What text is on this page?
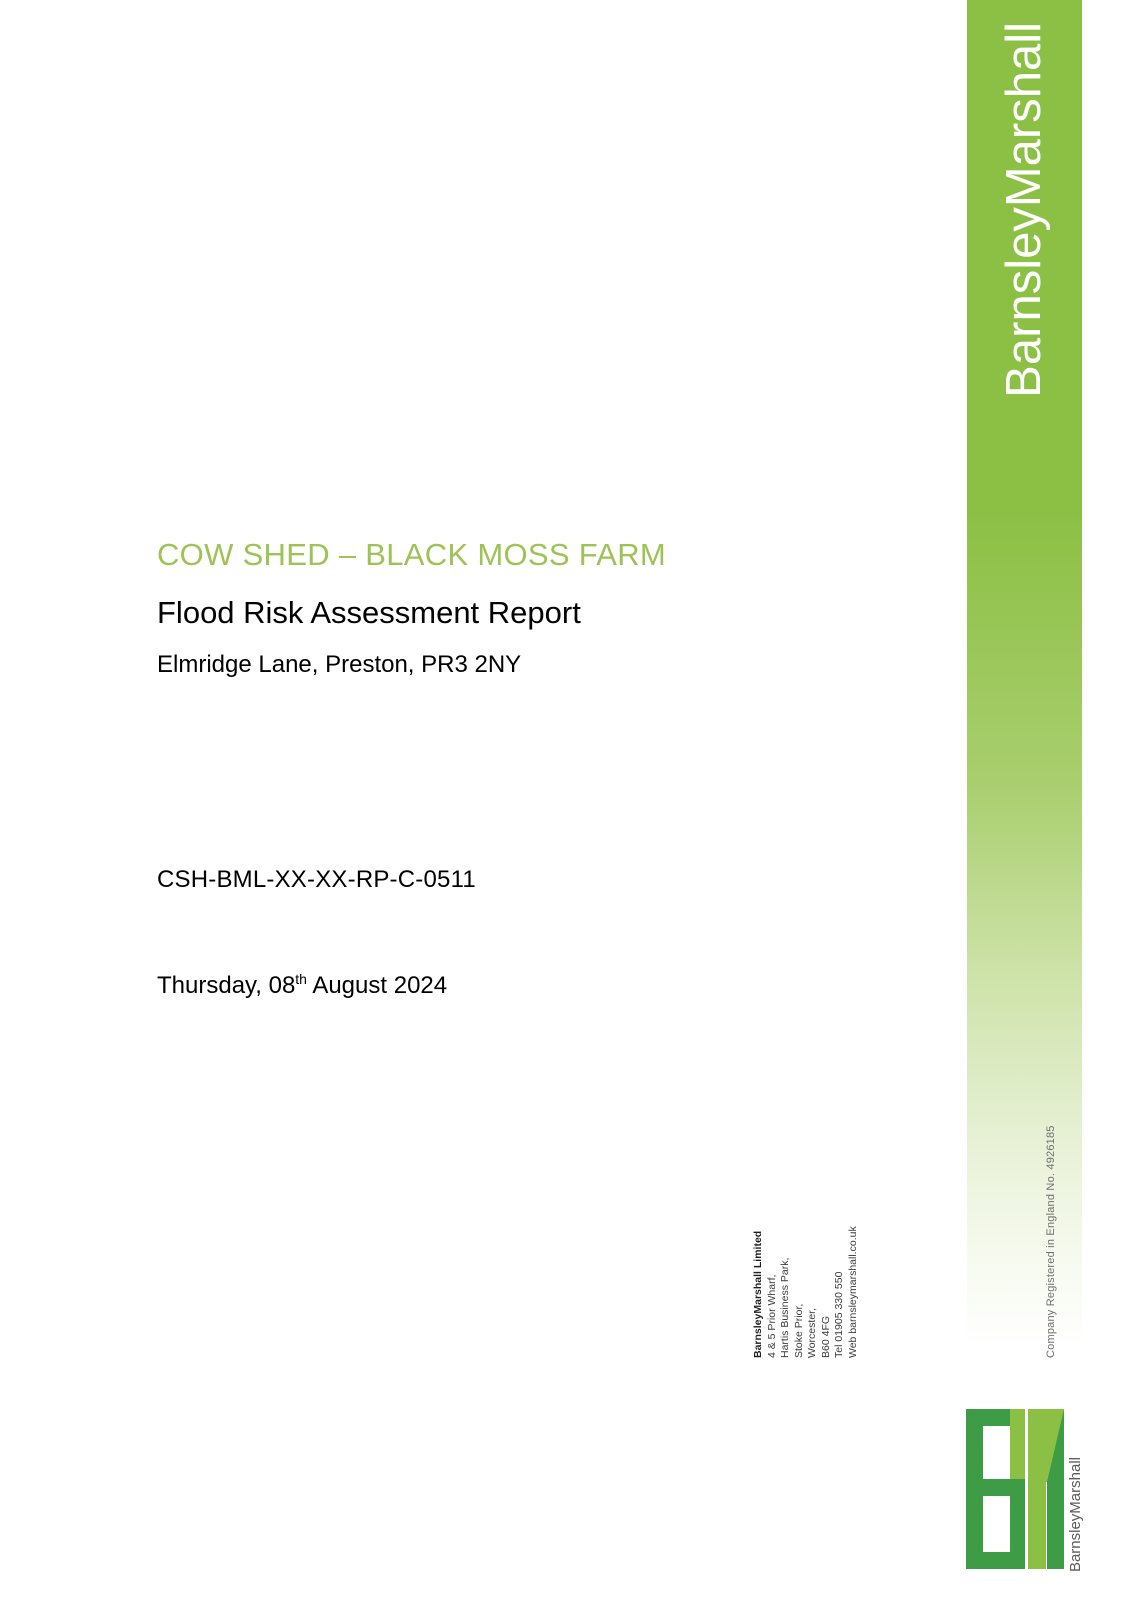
BarnsleyMarshall
COW SHED – BLACK MOSS FARM
Flood Risk Assessment Report

Elmridge Lane, Preston, PR3 2NY

CSH-BML-XX-XX-RP-C-0511
Thursday, 08th August 2024
BarnsleyMarshall Limited 4 & 5 Prior Wharf, Hartis Business Park, Stoke Prior, Worcester, B60 4FG Tel 01905 330 550 Web barnsleymarshall.co.uk	Company Registered in England No. 4926185
BarnsleyMarshall
